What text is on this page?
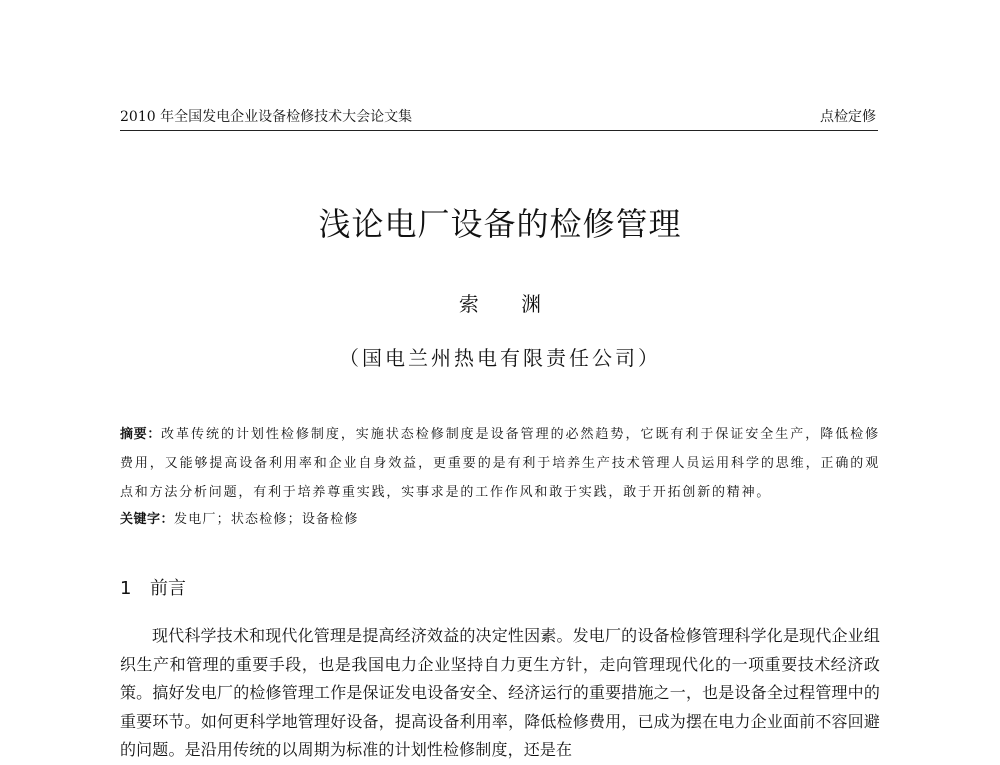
2010 年全国发电企业设备检修技术大会论文集	点检定修
浅论电厂设备的检修管理
索 渊
（国电兰州热电有限责任公司）
摘要：改革传统的计划性检修制度，实施状态检修制度是设备管理的必然趋势，它既有利于保证安全生产，降低检修费用，又能够提高设备利用率和企业自身效益，更重要的是有利于培养生产技术管理人员运用科学的思维，正确的观点和方法分析问题，有利于培养尊重实践，实事求是的工作作风和敢于实践，敢于开拓创新的精神。
关键字：发电厂；状态检修；设备检修
1 前言
现代科学技术和现代化管理是提高经济效益的决定性因素。发电厂的设备检修管理科学化是现代企业组织生产和管理的重要手段，也是我国电力企业坚持自力更生方针，走向管理现代化的一项重要技术经济政策。搞好发电厂的检修管理工作是保证发电设备安全、经济运行的重要措施之一，也是设备全过程管理中的重要环节。如何更科学地管理好设备，提高设备利用率，降低检修费用，已成为摆在电力企业面前不容回避的问题。是沿用传统的以周期为标准的计划性检修制度，还是在
